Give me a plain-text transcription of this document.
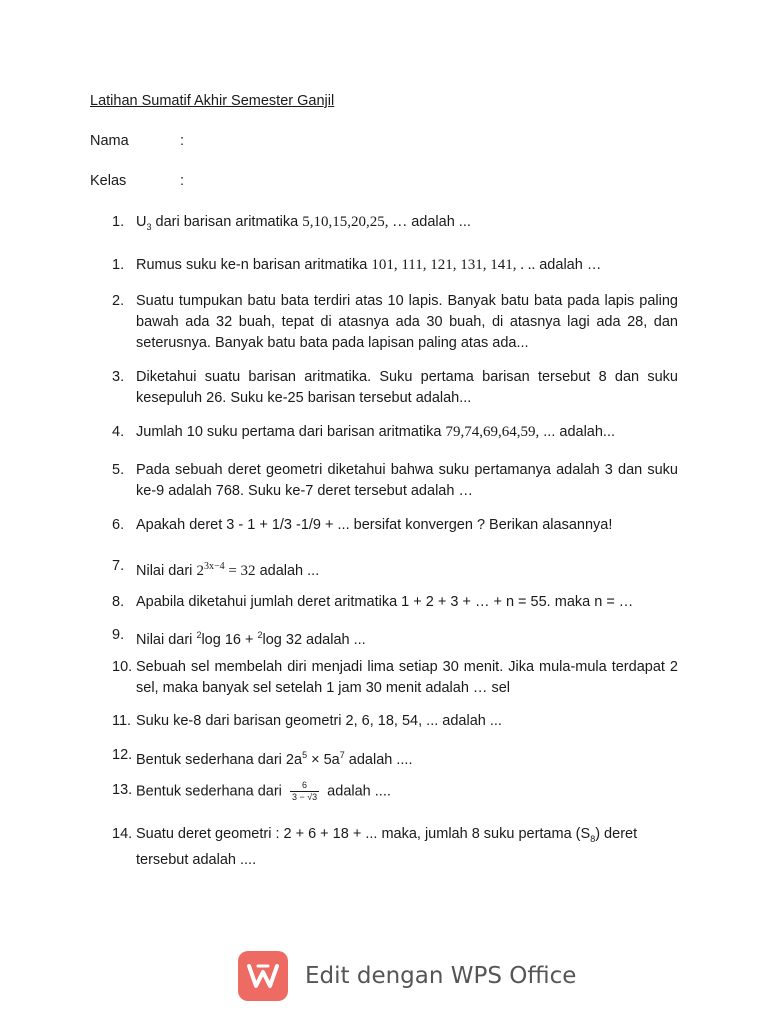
Latihan Sumatif Akhir Semester Ganjil
Nama	:
Kelas	:
1. $U_3$ dari barisan aritmatika 5,10,15,20,25, … adalah ...
1. Rumus suku ke-n barisan aritmatika 101, 111, 121, 131, 141, . .. adalah …
2. Suatu tumpukan batu bata terdiri atas 10 lapis. Banyak batu bata pada lapis paling bawah ada 32 buah, tepat di atasnya ada 30 buah, di atasnya lagi ada 28, dan seterusnya. Banyak batu bata pada lapisan paling atas ada...
3. Diketahui suatu barisan aritmatika. Suku pertama barisan tersebut 8 dan suku kesepuluh 26. Suku ke-25 barisan tersebut adalah...
4. Jumlah 10 suku pertama dari barisan aritmatika 79,74,69,64,59, ... adalah...
5. Pada sebuah deret geometri diketahui bahwa suku pertamanya adalah 3 dan suku ke-9 adalah 768. Suku ke-7 deret tersebut adalah …
6. Apakah deret 3 - 1 + 1/3 -1/9 + ... bersifat konvergen ? Berikan alasannya!
7. Nilai dari $2^{3x-4} = 32$ adalah ...
8. Apabila diketahui jumlah deret aritmatika 1 + 2 + 3 + … + n = 55. maka n = …
9. Nilai dari $^2$log 16 + $^2$log 32 adalah ...
10. Sebuah sel membelah diri menjadi lima setiap 30 menit. Jika mula-mula terdapat 2 sel, maka banyak sel setelah 1 jam 30 menit adalah … sel
11. Suku ke-8 dari barisan geometri 2, 6, 18, 54, ... adalah ...
12. Bentuk sederhana dari $2a^5 \times 5a^7$ adalah ....
13. Bentuk sederhana dari $\frac{6}{3 - √3}$ adalah ....
14. Suatu deret geometri : 2 + 6 + 18 + ... maka, jumlah 8 suku pertama $(S_8)$ deret tersebut adalah ....
Edit dengan WPS Office
